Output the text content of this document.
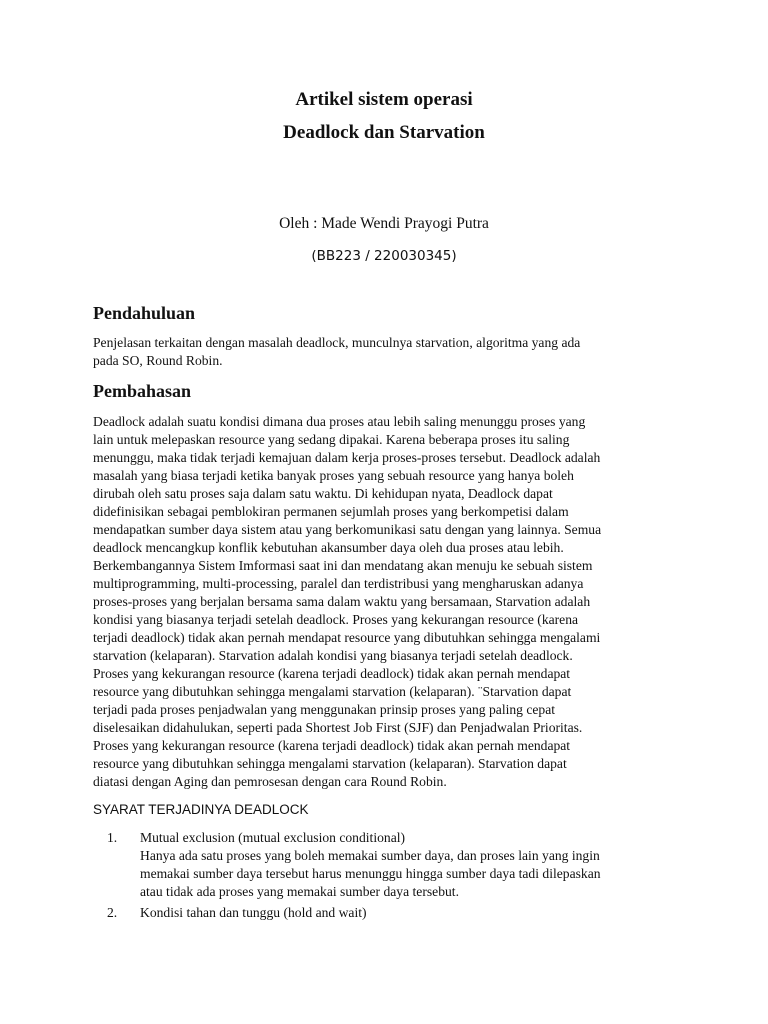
Artikel sistem operasi
Deadlock dan Starvation
Oleh : Made Wendi Prayogi Putra
(BB223 / 220030345)
Pendahuluan

Penjelasan terkaitan dengan masalah deadlock, munculnya starvation, algoritma yang ada
pada SO, Round Robin.

Pembahasan

Deadlock adalah suatu kondisi dimana dua proses atau lebih saling menunggu proses yang
lain untuk melepaskan resource yang sedang dipakai. Karena beberapa proses itu saling
menunggu, maka tidak terjadi kemajuan dalam kerja proses-proses tersebut. Deadlock adalah
masalah yang biasa terjadi ketika banyak proses yang sebuah resource yang hanya boleh
dirubah oleh satu proses saja dalam satu waktu. Di kehidupan nyata, Deadlock dapat
didefinisikan sebagai pemblokiran permanen sejumlah proses yang berkompetisi dalam
mendapatkan sumber daya sistem atau yang berkomunikasi satu dengan yang lainnya. Semua
deadlock mencangkup konflik kebutuhan akansumber daya oleh dua proses atau lebih.
Berkembangannya Sistem Imformasi saat ini dan mendatang akan menuju ke sebuah sistem
multiprogramming, multi-processing, paralel dan terdistribusi yang mengharuskan adanya
proses-proses yang berjalan bersama sama dalam waktu yang bersamaan, Starvation adalah
kondisi yang biasanya terjadi setelah deadlock. Proses yang kekurangan resource (karena
terjadi deadlock) tidak akan pernah mendapat resource yang dibutuhkan sehingga mengalami
starvation (kelaparan). Starvation adalah kondisi yang biasanya terjadi setelah deadlock.
Proses yang kekurangan resource (karena terjadi deadlock) tidak akan pernah mendapat
resource yang dibutuhkan sehingga mengalami starvation (kelaparan). ¨Starvation dapat
terjadi pada proses penjadwalan yang menggunakan prinsip proses yang paling cepat
diselesaikan didahulukan, seperti pada Shortest Job First (SJF) dan Penjadwalan Prioritas.
Proses yang kekurangan resource (karena terjadi deadlock) tidak akan pernah mendapat
resource yang dibutuhkan sehingga mengalami starvation (kelaparan). Starvation dapat
diatasi dengan Aging dan pemrosesan dengan cara Round Robin.

SYARAT TERJADINYA DEADLOCK
1. Mutual exclusion (mutual exclusion conditional)
Hanya ada satu proses yang boleh memakai sumber daya, dan proses lain yang ingin
memakai sumber daya tersebut harus menunggu hingga sumber daya tadi dilepaskan
atau tidak ada proses yang memakai sumber daya tersebut.
2. Kondisi tahan dan tunggu (hold and wait)
